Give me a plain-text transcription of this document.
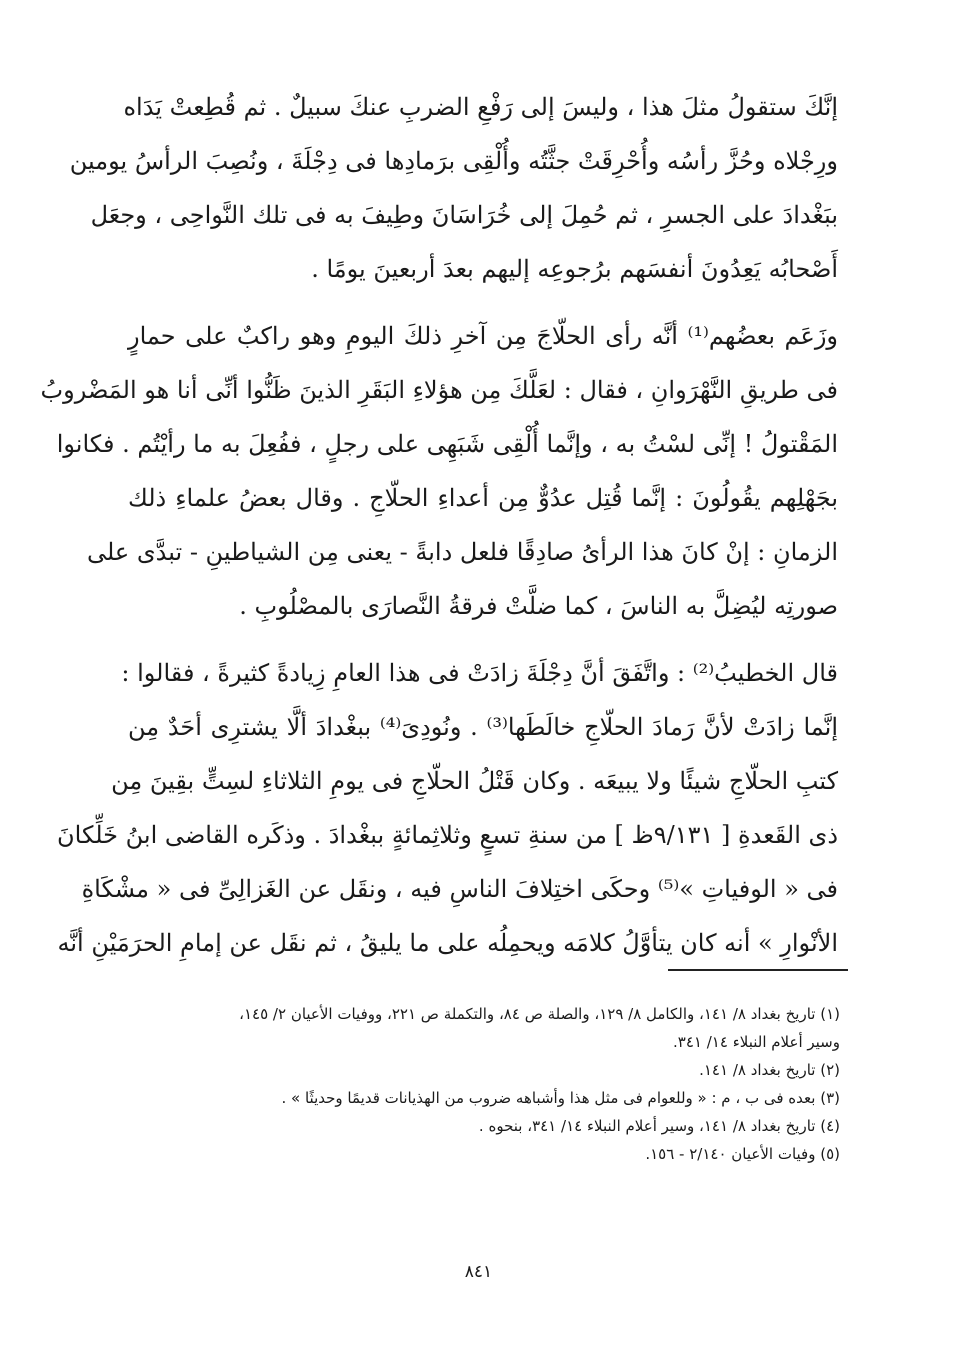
إنَّكَ ستقولُ مثلَ هذا ، وليسَ إلى رَفْعِ الضربِ عنكَ سبيلٌ . ثم قُطِعتْ يَدَاه
ورِجْلاه وحُزَّ رأسُه وأُحْرِقَتْ جثَّتُه وأُلْقِى برَمادِها فى دِجْلَةَ ، ونُصِبَ الرأسُ يومين
ببَغْدادَ على الجسرِ ، ثم حُمِلَ إلى خُرَاسَانَ وطِيفَ به فى تلك النَّواحِى ، وجعَل
أَصْحابُه يَعِدُونَ أنفسَهم برُجوعِه إليهم بعدَ أربعينَ يومًا .
وزَعَم بعضُهم⁽¹⁾ أنَّه رأى الحلّاجَ مِن آخرِ ذلكَ اليومِ وهو راكبٌ على حمارٍ
فى طريقِ النَّهْرَوانِ ، فقال : لعَلَّكَ مِن هؤلاءِ البَقَرِ الذينَ ظَنُّوا أنِّى أنا هو المَضْروبُ
المَقْتولُ ! إنِّى لسْتُ به ، وإنَّما أُلْقِى شَبَهِى على رجلٍ ، ففُعِلَ به ما رأيْتُم . فكانوا
بجَهْلِهم يقُولُونَ : إنَّما قُتِل عدُوٌّ مِن أعداءِ الحلّاجِ . وقال بعضُ علماءِ ذلك
الزمانِ : إنْ كانَ هذا الرأىُ صادِقًا فلعل دابةً - يعنى مِن الشياطينِ - تبدَّى على
صورتِه ليُضِلَّ به الناسَ ، كما ضلَّتْ فرقةُ النَّصارَى بالمصْلُوبِ .
قال الخطيبُ⁽²⁾ : واتَّفَقَ أنَّ دِجْلَةَ زادَتْ فى هذا العامِ زِيادةً كثيرةً ، فقالوا :
إنَّما زادَتْ لأنَّ رَمادَ الحلّاجِ خالَطَها⁽³⁾ . ونُودِىَ⁽⁴⁾ ببغْدادَ ألَّا يشترِى أحَدٌ مِن
كتبِ الحلّاجِ شيئًا ولا يبيعَه . وكان قَتْلُ الحلّاجِ فى يومِ الثلاثاءِ لسِتٍّ بقِينَ مِن
ذى القَعدةِ [ ٩/١٣١ظ ] من سنةِ تسعٍ وثلاثِمائةٍ ببغْدادَ . وذكَره القاضى ابنُ خَلِّكانَ
فى « الوفياتِ »⁽⁵⁾ وحكَى اختِلافَ الناسِ فيه ، ونقَل عن الغَزالِىِّ فى « مشْكَاةِ
الأنْوارِ » أنه كان يتأوَّلُ كلامَه ويحمِلُه على ما يليقُ ، ثم نقَل عن إمامِ الحرَمَيْنِ أنَّه
(١) تاريخ بغداد ٨/ ١٤١، والكامل ٨/ ١٢٩، والصلة ص ٨٤، والتكملة ص ٢٢١، ووفيات الأعيان ٢/ ١٤٥،
وسير أعلام النبلاء ١٤/ ٣٤١.
(٢) تاريخ بغداد ٨/ ١٤١.
(٣) بعده فى ب ، م : « وللعوام فى مثل هذا وأشباهه ضروب من الهذيانات قديمًا وحديثًا » .
(٤) تاريخ بغداد ٨/ ١٤١، وسير أعلام النبلاء ١٤/ ٣٤١، بنحوه .
(٥) وفيات الأعيان ٢/١٤٠ - ١٥٦.
٨٤١
